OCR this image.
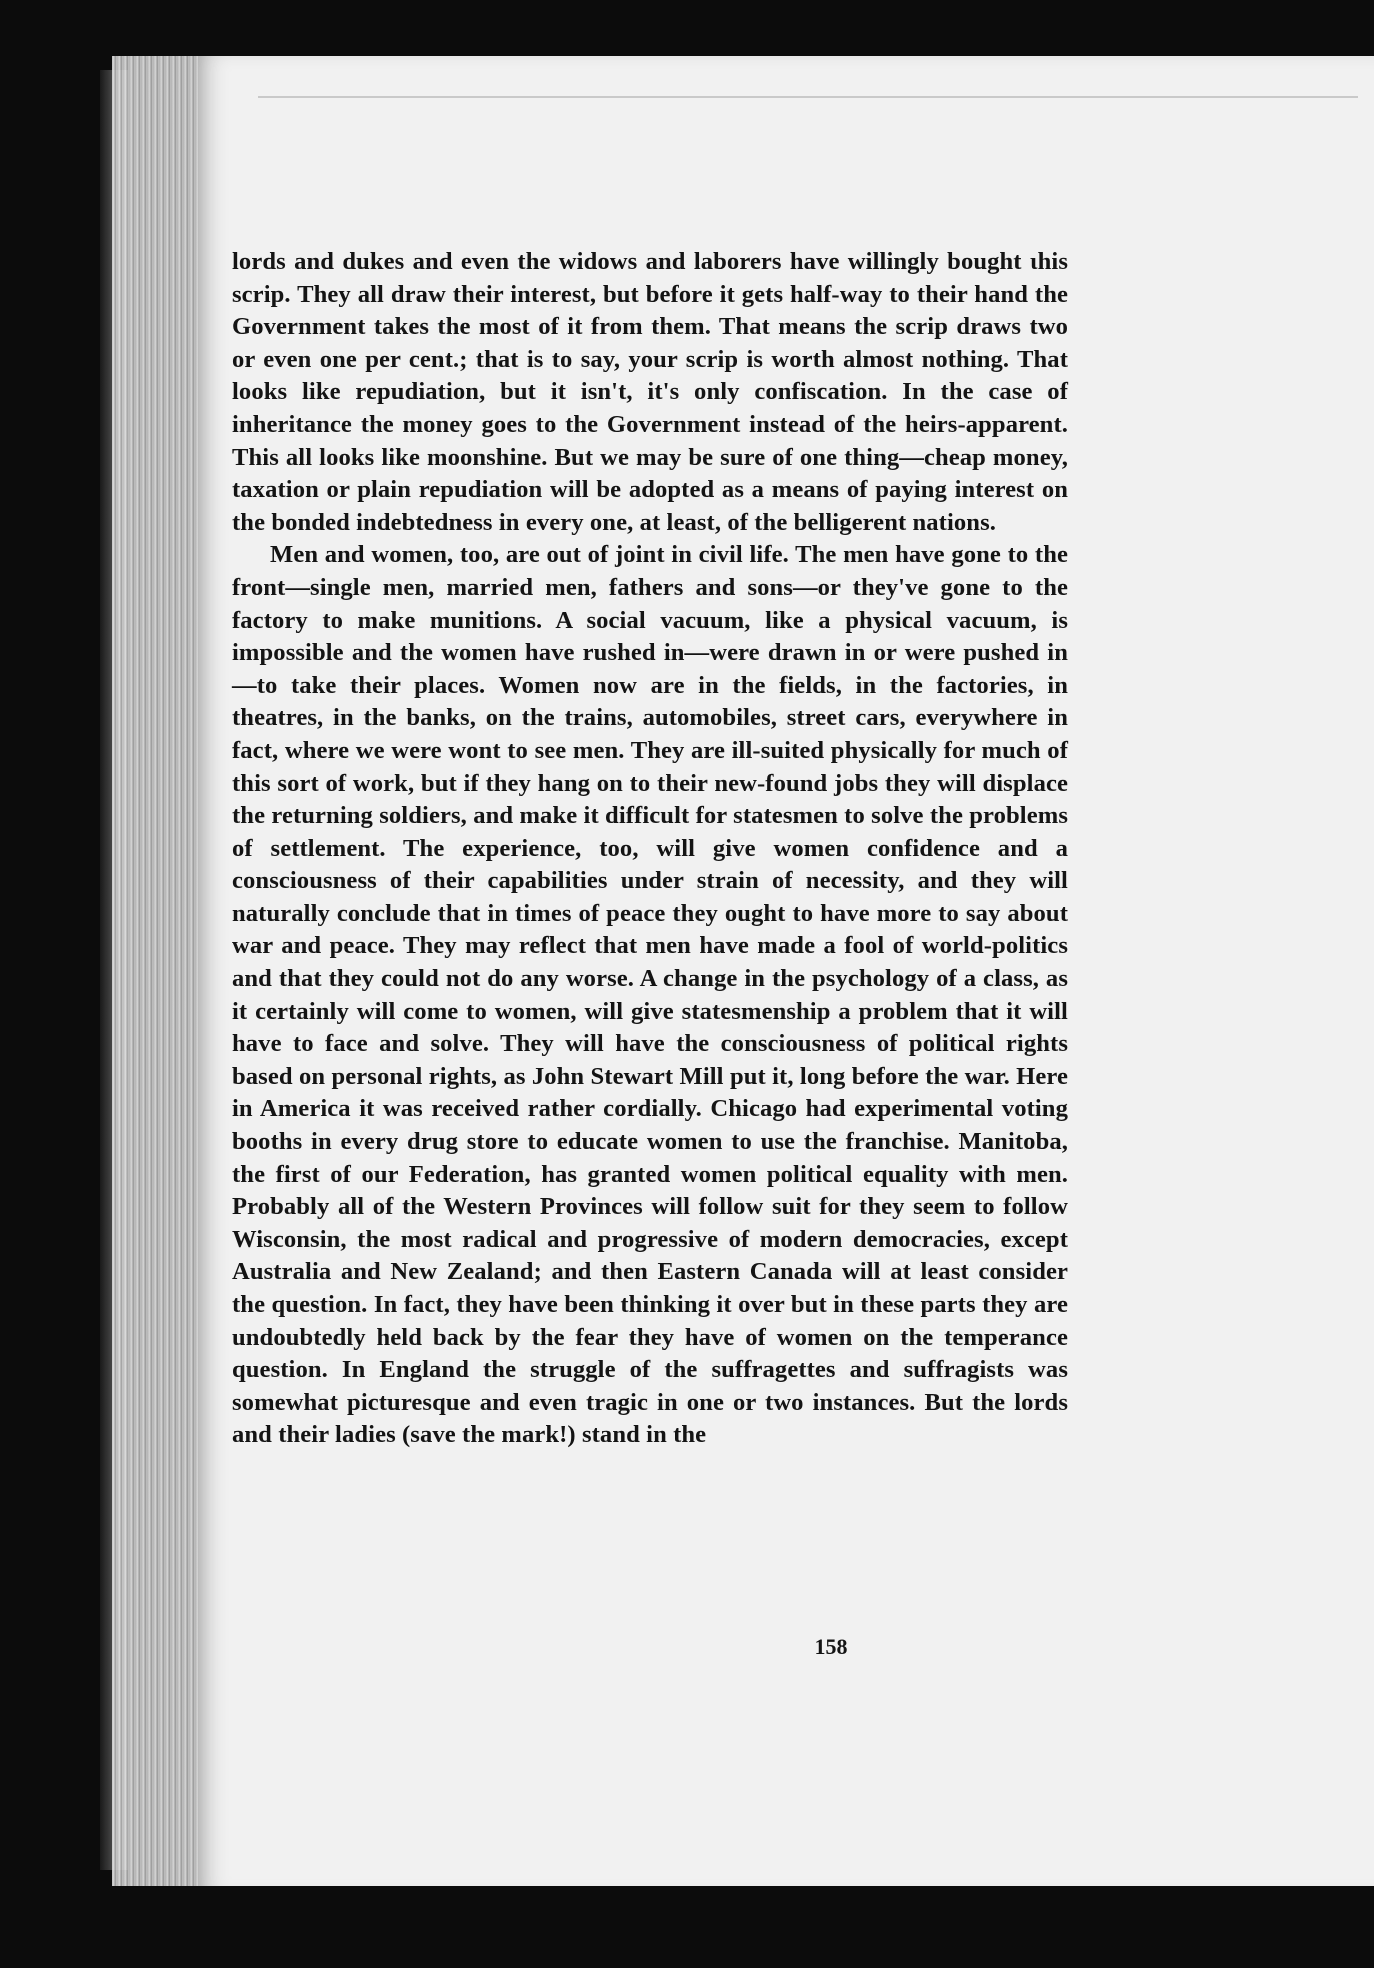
lords and dukes and even the widows and laborers have willingly bought ιhis scrip. They all draw their interest, but before it gets half-way to their hand the Government takes the most of it from them. That means the scrip draws two or even one per cent.; that is to say, your scrip is worth almost nothing. That looks like repudiation, but it isn't, it's only confiscation. In the case of inheritance the money goes to the Government instead of the heirs-apparent. This all looks like moonshine. But we may be sure of one thing—cheap money, taxation or plain repudiation will be adopted as a means of paying interest on the bonded indebtedness in every one, at least, of the belligerent nations.

Men and women, too, are out of joint in civil life. The men have gone to the front—single men, married men, fathers and sons—or they've gone to the factory to make munitions. A social vacuum, like a physical vacuum, is impossible and the women have rushed in—were drawn in or were pushed in—to take their places. Women now are in the fields, in the factories, in theatres, in the banks, on the trains, automobiles, street cars, everywhere in fact, where we were wont to see men. They are ill-suited physically for much of this sort of work, but if they hang on to their new-found jobs they will displace the returning soldiers, and make it difficult for statesmen to solve the problems of settlement. The experience, too, will give women confidence and a consciousness of their capabilities under strain of necessity, and they will naturally conclude that in times of peace they ought to have more to say about war and peace. They may reflect that men have made a fool of world-politics and that they could not do any worse. A change in the psychology of a class, as it certainly will come to women, will give statesmenship a problem that it will have to face and solve. They will have the consciousness of political rights based on personal rights, as John Stewart Mill put it, long before the war. Here in America it was received rather cordially. Chicago had experimental voting booths in every drug store to educate women to use the franchise. Manitoba, the first of our Federation, has granted women political equality with men. Probably all of the Western Provinces will follow suit for they seem to follow Wisconsin, the most radical and progressive of modern democracies, except Australia and New Zealand; and then Eastern Canada will at least consider the question. In fact, they have been thinking it over but in these parts they are undoubtedly held back by the fear they have of women on the temperance question. In England the struggle of the suffragettes and suffragists was somewhat picturesque and even tragic in one or two instances. But the lords and their ladies (save the mark!) stand in the

158
